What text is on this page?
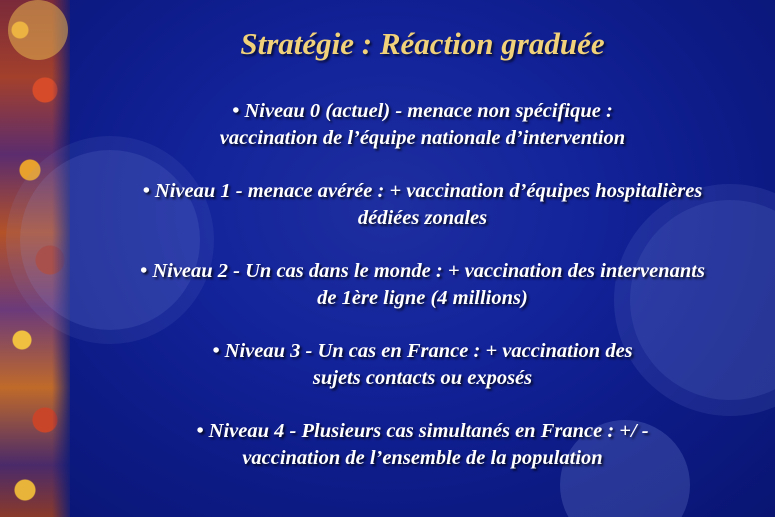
Stratégie : Réaction graduée
• Niveau 0 (actuel) - menace non spécifique :
vaccination de l’équipe nationale d’intervention
• Niveau 1 - menace avérée : + vaccination d’équipes hospitalières
dédiées zonales
• Niveau 2 - Un cas dans le monde : + vaccination des intervenants
de 1ère ligne (4 millions)
• Niveau 3 - Un cas en France : + vaccination des
sujets contacts ou exposés
• Niveau 4 - Plusieurs cas simultanés en France : +/ -
vaccination de l’ensemble de la population
